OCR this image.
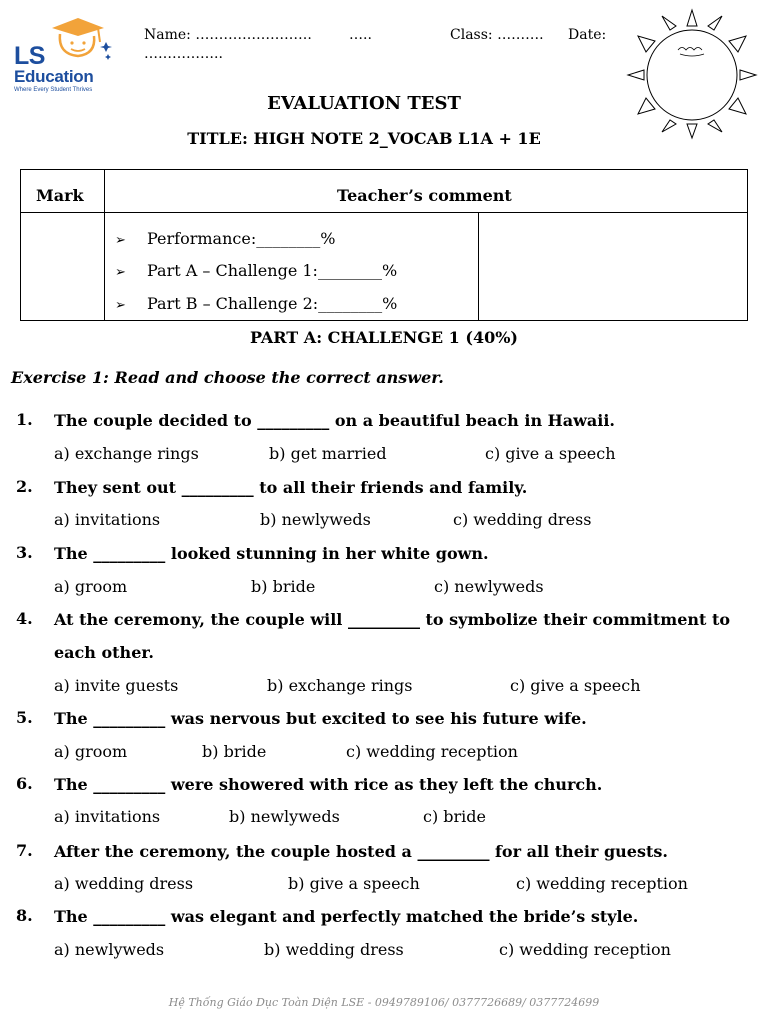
LS
Education
Where Every Student Thrives
Name: …………………….	…..	Class: ………. Date:
……………..
EVALUATION TEST
TITLE: HIGH NOTE 2_VOCAB L1A + 1E
Mark	Teacher’s comment
➢ Performance:________%
➢ Part A – Challenge 1:________%
➢ Part B – Challenge 2:________%
PART A: CHALLENGE 1 (40%)
Exercise 1: Read and choose the correct answer.
1. The couple decided to _________ on a beautiful beach in Hawaii.
a) exchange rings	b) get married	c) give a speech
2. They sent out _________ to all their friends and family.
a) invitations	b) newlyweds	c) wedding dress
3. The _________ looked stunning in her white gown.
a) groom	b) bride	c) newlyweds
4. At the ceremony, the couple will _________ to symbolize their commitment to each other.
a) invite guests	b) exchange rings	c) give a speech
5. The _________ was nervous but excited to see his future wife.
a) groom	b) bride	c) wedding reception
6. The _________ were showered with rice as they left the church.
a) invitations	b) newlyweds	c) bride
7. After the ceremony, the couple hosted a _________ for all their guests.
a) wedding dress	b) give a speech	c) wedding reception
8. The _________ was elegant and perfectly matched the bride’s style.
a) newlyweds	b) wedding dress	c) wedding reception
Hệ Thống Giáo Dục Toàn Diện LSE - 0949789106/ 0377726689/ 0377724699
